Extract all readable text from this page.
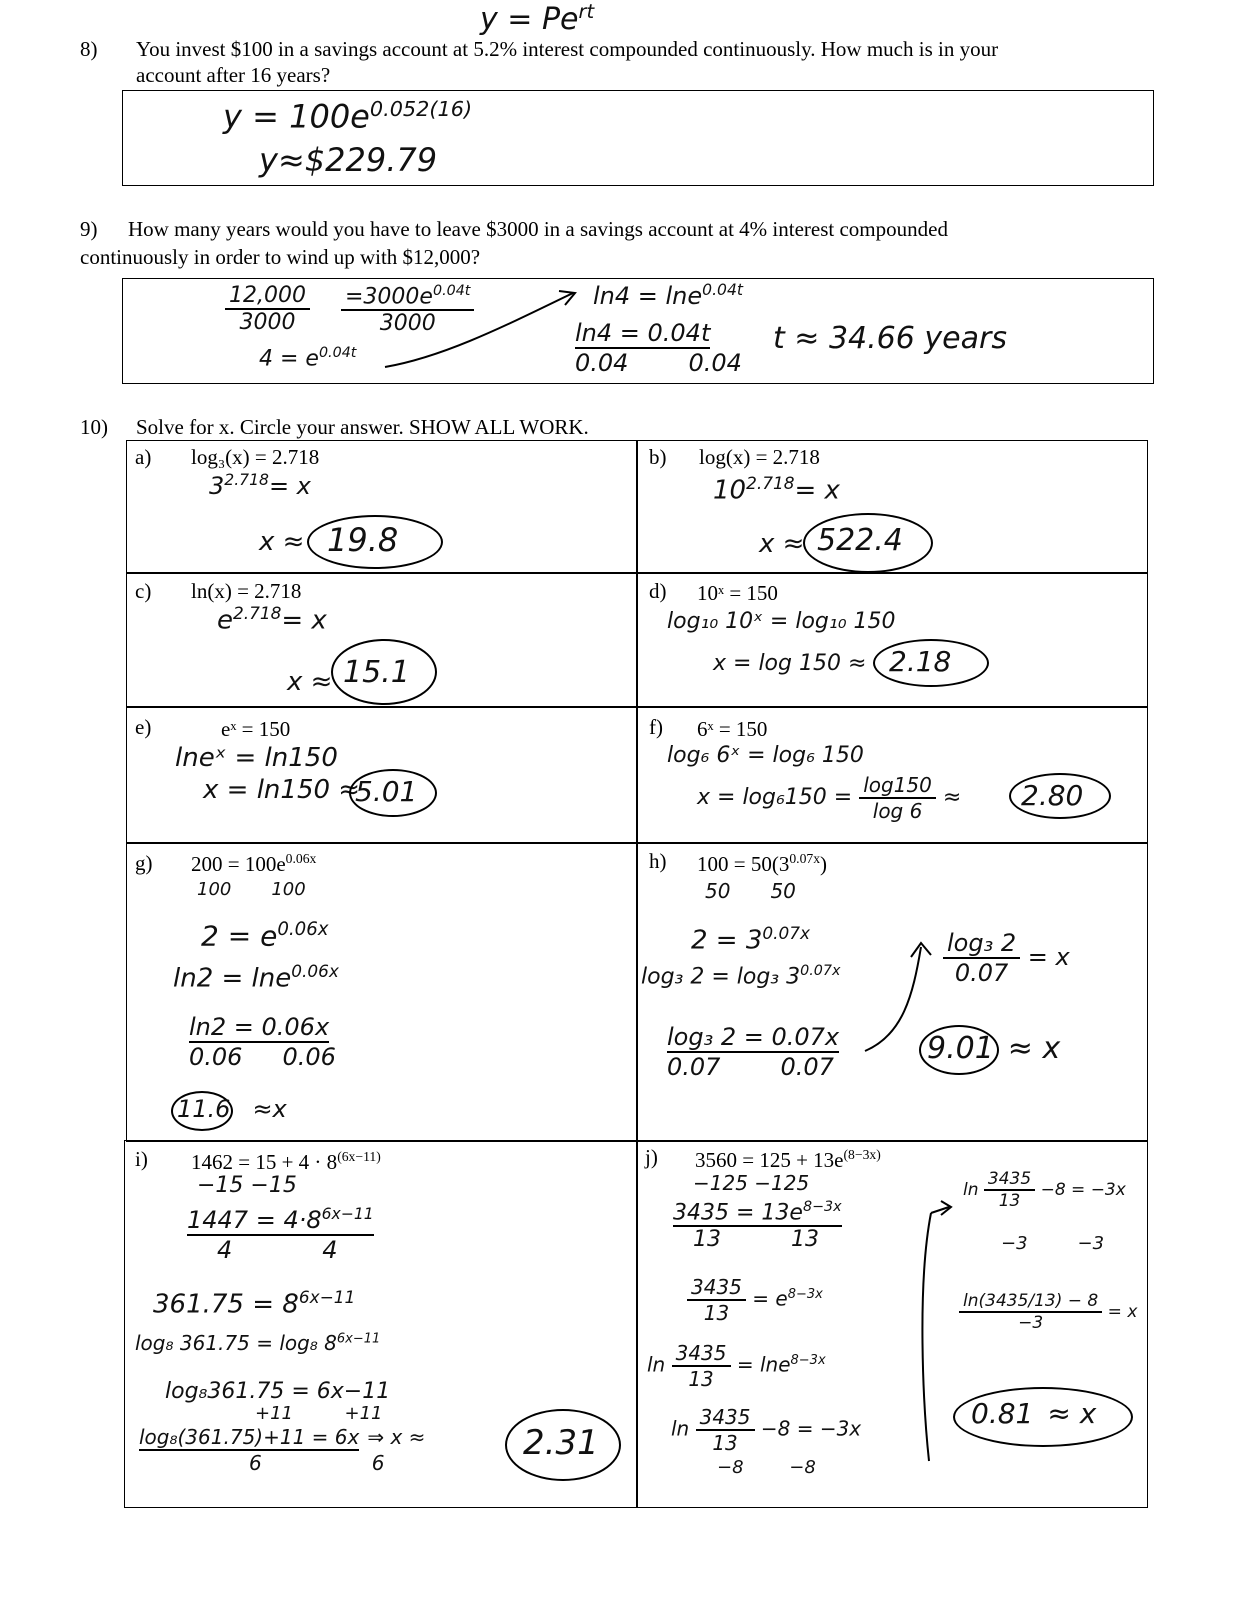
$y = Pe^{rt}$
8) You invest $100 in a savings account at 5.2% interest compounded continuously. How much is in your
account after 16 years?
$y = 100e^{0.052(16)}$
y≈$229.79
9) How many years would you have to leave $3000 in a savings account at 4% interest compounded
continuously in order to wind up with $12,000?
$\frac{12,000}{3000} \frac{=3000e^{0.04t}}{3000}$
$4 = e^{0.04t}$
ln4 = lne$^{0.04t}$
ln4 = 0.04t
0.04	0.04
t ≈ 34.66 years
10) Solve for x. Circle your answer. SHOW ALL WORK.
a) log₃(x) = 2.718
$3^{2.718}= x$
x ≈ 19.8
b) log(x) = 2.718
$10^{2.718}= x$
x ≈ 522.4
c) ln(x) = 2.718
$e^{2.718}= x$
x ≈ 15.1
d) 10ˣ = 150
log₁₀ 10ˣ = log₁₀ 150
x = log 150 ≈ 2.18
e)	eˣ = 150
lneˣ = ln150
x = ln150 ≈
5.01
f) 6ˣ = 150
log₆ 6ˣ = log₆ 150
$x = \log_6150 = \frac{\log 150}{\log 6} \approx 2.80$
g) $200 = 100e^{0.06x}$
100 100
$2 = e^{0.06x}$
ln2 = lne$^{0.06x}$
ln2 = 0.06x
0.06 0.06
11.6 ≈x
h) $100 = 50(3^{0.07x})$
50 50
$2 = 3^{0.07x}$
log₃ 2 = log₃ $3^{0.07x}$
log₃ 2 = 0.07x
0.07	0.07
$\frac{\text{log₃ 2}}{0.07} = x$
9.01 ≈ x
i) $1462 = 15 + 4 \cdot 8^{(6x-11)}$
−15 −15
$1447 = 4\cdot 8^{6x-11}$
4	4
$361.75 = 8^{6x-11}$
log₈ 361.75 = log₈ $8^{6x-11}$
log₈361.75 = 6x−11
+11         +11
log₈(361.75)+11 = 6x ⇒ x ≈
6	6	2.31
j) $3560 = 125 + 13e^{(8-3x)}$
−125 −125
$3435 = 13e^{8-3x}$
13	13
$\frac{3435}{13} = e^{8-3x}$
$\ln \frac{3435}{13} = \ln e^{8-3x}$
$\ln \frac{3435}{13} -8 = -3x$
−8        −8
$\ln \frac{3435}{13} -8 = -3x$
−3	−3
$\frac{\ln(3435/13) - 8}{-3} = x$
0.81 ≈ x
